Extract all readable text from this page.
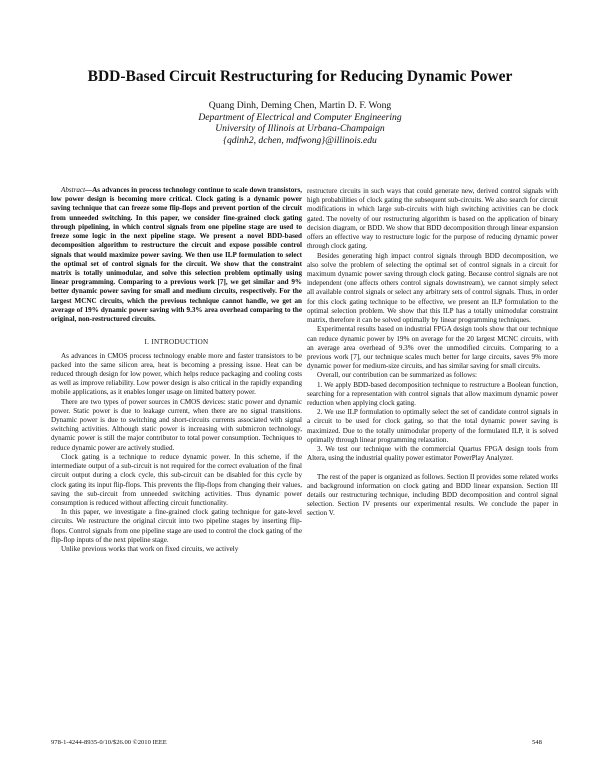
BDD-Based Circuit Restructuring for Reducing Dynamic Power
Quang Dinh, Deming Chen, Martin D. F. Wong
Department of Electrical and Computer Engineering
University of Illinois at Urbana-Champaign
{qdinh2, dchen, mdfwong}@illinois.edu

Abstract—As advances in process technology continue to scale down transistors, low power design is becoming more critical. Clock gating is a dynamic power saving technique that can freeze some flip-flops and prevent portion of the circuit from unneeded switching. In this paper, we consider fine-grained clock gating through pipelining, in which control signals from one pipeline stage are used to freeze some logic in the next pipeline stage. We present a novel BDD-based decomposition algorithm to restructure the circuit and expose possible control signals that would maximize power saving. We then use ILP formulation to select the optimal set of control signals for the circuit. We show that the constraint matrix is totally unimodular, and solve this selection problem optimally using linear programming. Comparing to a previous work [7], we get similar and 9% better dynamic power saving for small and medium circuits, respectively. For the largest MCNC circuits, which the previous technique cannot handle, we get an average of 19% dynamic power saving with 9.3% area overhead comparing to the original, non-restructured circuits.

I. INTRODUCTION

As advances in CMOS process technology enable more and faster transistors to be packed into the same silicon area, heat is becoming a pressing issue. Heat can be reduced through design for low power, which helps reduce packaging and cooling costs as well as improve reliability. Low power design is also critical in the rapidly expanding mobile applications, as it enables longer usage on limited battery power.

There are two types of power sources in CMOS devices: static power and dynamic power. Static power is due to leakage current, when there are no signal transitions. Dynamic power is due to switching and short-circuits currents associated with signal switching activities. Although static power is increasing with submicron technology, dynamic power is still the major contributor to total power consumption. Techniques to reduce dynamic power are actively studied.

Clock gating is a technique to reduce dynamic power. In this scheme, if the intermediate output of a sub-circuit is not required for the correct evaluation of the final circuit output during a clock cycle, this sub-circuit can be disabled for this cycle by clock gating its input flip-flops. This prevents the flip-flops from changing their values, saving the sub-circuit from unneeded switching activities. Thus dynamic power consumption is reduced without affecting circuit functionality.

In this paper, we investigate a fine-grained clock gating technique for gate-level circuits. We restructure the original circuit into two pipeline stages by inserting flip-flops. Control signals from one pipeline stage are used to control the clock gating of the flip-flop inputs of the next pipeline stage.

Unlike previous works that work on fixed circuits, we actively

restructure circuits in such ways that could generate new, derived control signals with high probabilities of clock gating the subsequent sub-circuits. We also search for circuit modifications in which large sub-circuits with high switching activities can be clock gated. The novelty of our restructuring algorithm is based on the application of binary decision diagram, or BDD. We show that BDD decomposition through linear expansion offers an effective way to restructure logic for the purpose of reducing dynamic power through clock gating.

Besides generating high impact control signals through BDD decomposition, we also solve the problem of selecting the optimal set of control signals in a circuit for maximum dynamic power saving through clock gating. Because control signals are not independent (one affects others control signals downstream), we cannot simply select all available control signals or select any arbitrary sets of control signals. Thus, in order for this clock gating technique to be effective, we present an ILP formulation to the optimal selection problem. We show that this ILP has a totally unimodular constraint matrix, therefore it can be solved optimally by linear programming techniques.

Experimental results based on industrial FPGA design tools show that our technique can reduce dynamic power by 19% on average for the 20 largest MCNC circuits, with an average area overhead of 9.3% over the unmodified circuits. Comparing to a previous work [7], our technique scales much better for large circuits, saves 9% more dynamic power for medium-size circuits, and has similar saving for small circuits.

Overall, our contribution can be summarized as follows:

1. We apply BDD-based decomposition technique to restructure a Boolean function, searching for a representation with control signals that allow maximum dynamic power reduction when applying clock gating.

2. We use ILP formulation to optimally select the set of candidate control signals in a circuit to be used for clock gating, so that the total dynamic power saving is maximized. Due to the totally unimodular property of the formulated ILP, it is solved optimally through linear programming relaxation.

3. We test our technique with the commercial Quartus FPGA design tools from Altera, using the industrial quality power estimator PowerPlay Analyzer.

The rest of the paper is organized as follows. Section II provides some related works and background information on clock gating and BDD linear expansion. Section III details our restructuring technique, including BDD decomposition and control signal selection. Section IV presents our experimental results. We conclude the paper in section V.

978-1-4244-8935-0/10/$26.00 ©2010 IEEE	548
